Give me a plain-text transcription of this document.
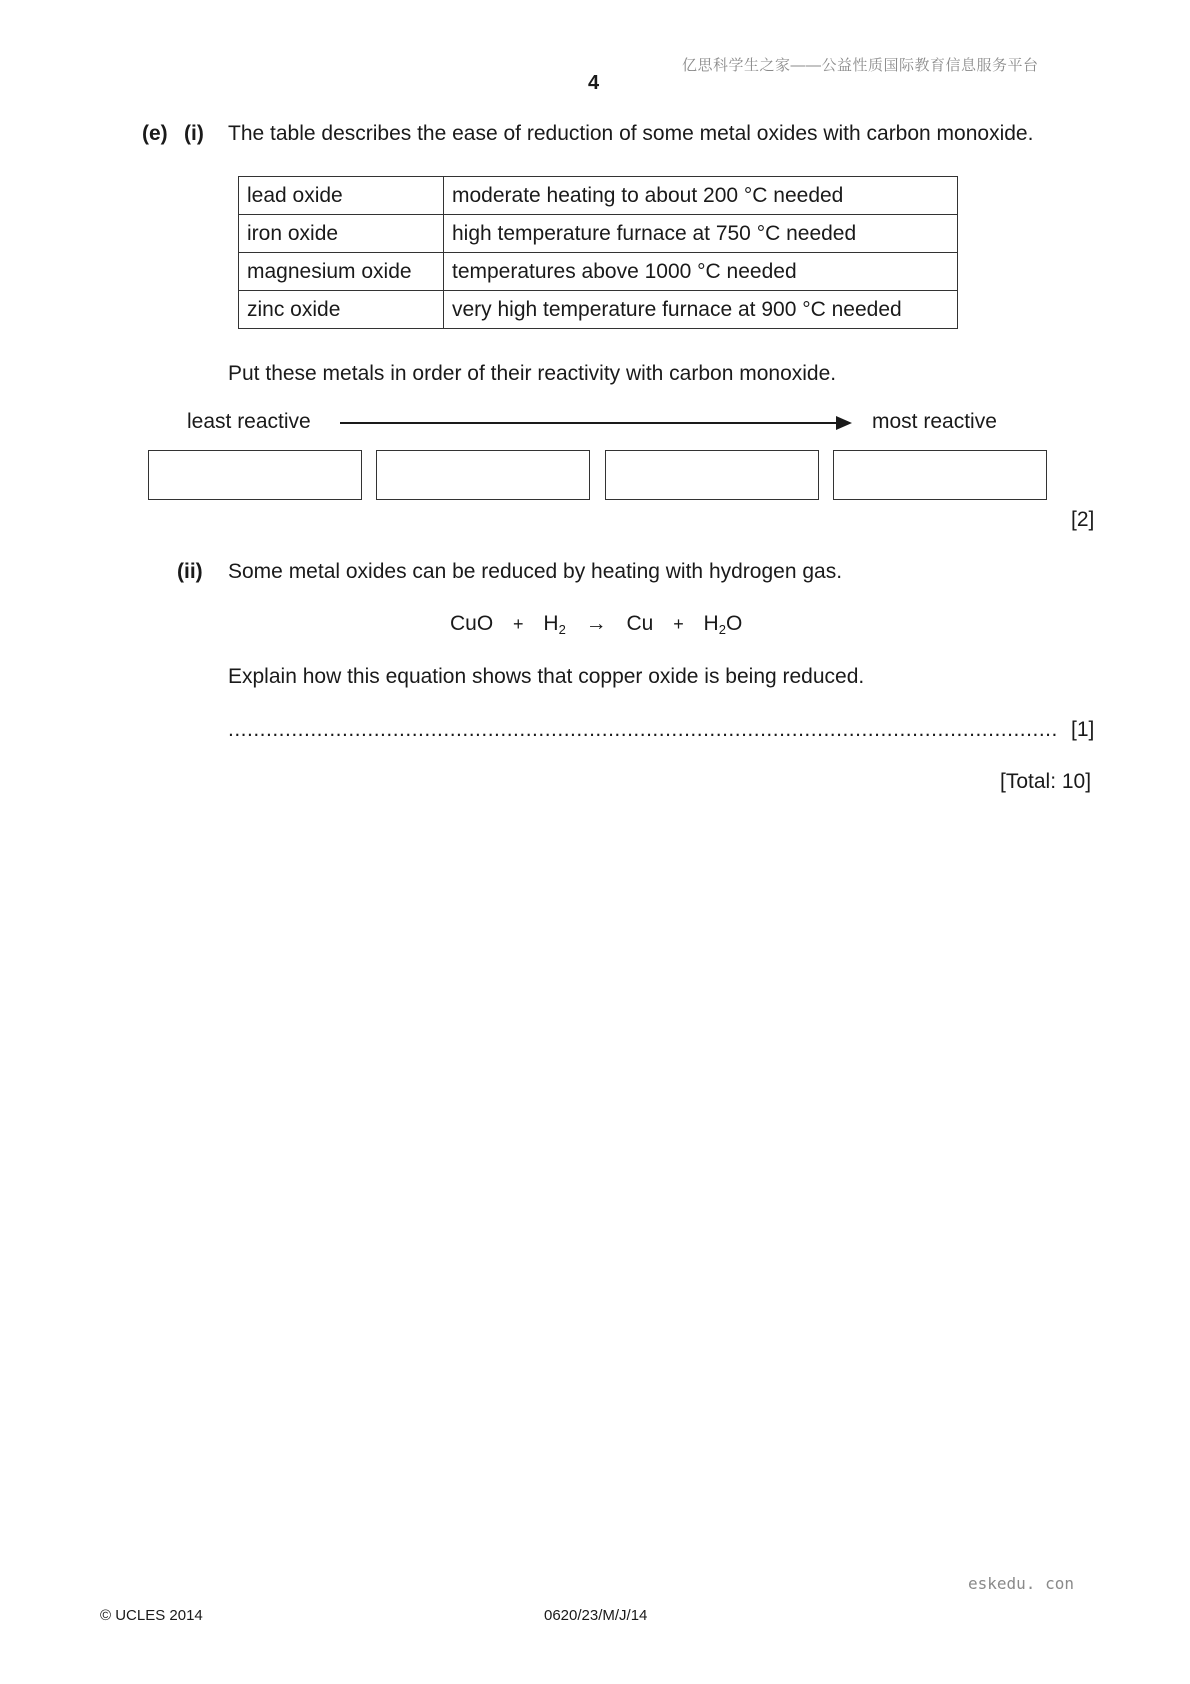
亿思科学生之家——公益性质国际教育信息服务平台
4
(e) (i) The table describes the ease of reduction of some metal oxides with carbon monoxide.
lead oxide	moderate heating to about 200 °C needed
iron oxide	high temperature furnace at 750 °C needed
magnesium oxide	temperatures above 1000 °C needed
zinc oxide	very high temperature furnace at 900 °C needed
Put these metals in order of their reactivity with carbon monoxide.
least reactive	most reactive
[2]
(ii) Some metal oxides can be reduced by heating with hydrogen gas.
CuO + $H_2 \to Cu + H_2O$
Explain how this equation shows that copper oxide is being reduced.
................................................................................................................................... [1]
[Total: 10]
eskedu. con
© UCLES 2014	0620/23/M/J/14
